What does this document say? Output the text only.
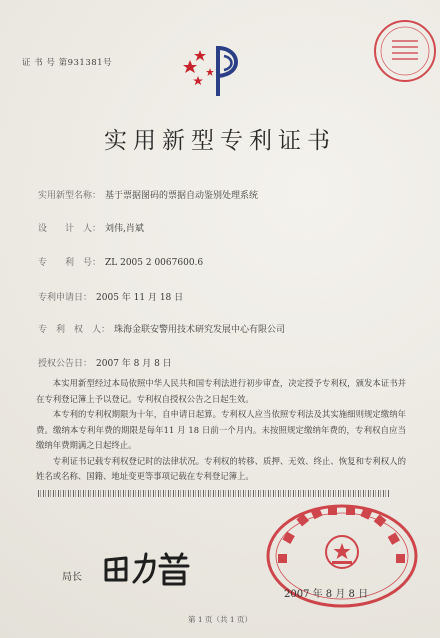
证 书 号 第931381号
实用新型专利证书
实用新型名称： 基于票据图码的票据自动鉴别处理系统
设　　计　人： 刘伟,肖斌
专　　利　号： ZL 2005 2 0067600.6
专利申请日： 2005 年 11 月 18 日
专　利　权　人： 珠海金联安警用技术研究发展中心有限公司
授权公告日： 2007 年 8 月 8 日

本实用新型经过本局依照中华人民共和国专利法进行初步审查，决定授予专利权，颁发本证书并在专利登记簿上予以登记。专利权自授权公告之日起生效。

本专利的专利权期限为十年，自申请日起算。专利权人应当依照专利法及其实施细则规定缴纳年费。缴纳本专利年费的期限是每年11 月 18 日前一个月内。未按照规定缴纳年费的，专利权自应当缴纳年费期满之日起终止。

专利证书记载专利权登记时的法律状况。专利权的转移、质押、无效、终止、恢复和专利权人的姓名或名称、国籍、地址变更等事项记载在专利登记簿上。

局长
2007 年 8 月 8 日
第 1 页（共 1 页）
